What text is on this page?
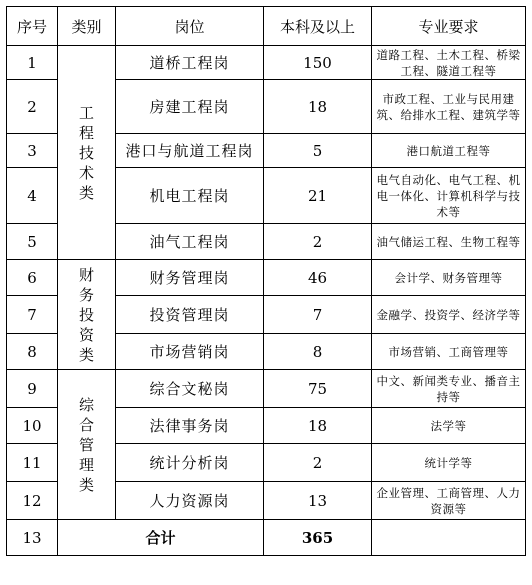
序号	类别	岗位	本科及以上	专业要求
1	工程技术类	道桥工程岗	150	道路工程、土木工程、桥梁工程、隧道工程等
2		房建工程岗	18	市政工程、工业与民用建筑、给排水工程、建筑学等
3		港口与航道工程岗	5	港口航道工程等
4		机电工程岗	21	电气自动化、电气工程、机电一体化、计算机科学与技术等
5		油气工程岗	2	油气储运工程、生物工程等
6	财务投资类	财务管理岗	46	会计学、财务管理等
7		投资管理岗	7	金融学、投资学、经济学等
8		市场营销岗	8	市场营销、工商管理等
9	综合管理类	综合文秘岗	75	中文、新闻类专业、播音主持等
10		法律事务岗	18	法学等
11		统计分析岗	2	统计学等
12		人力资源岗	13	企业管理、工商管理、人力资源等
13	合计		365	
